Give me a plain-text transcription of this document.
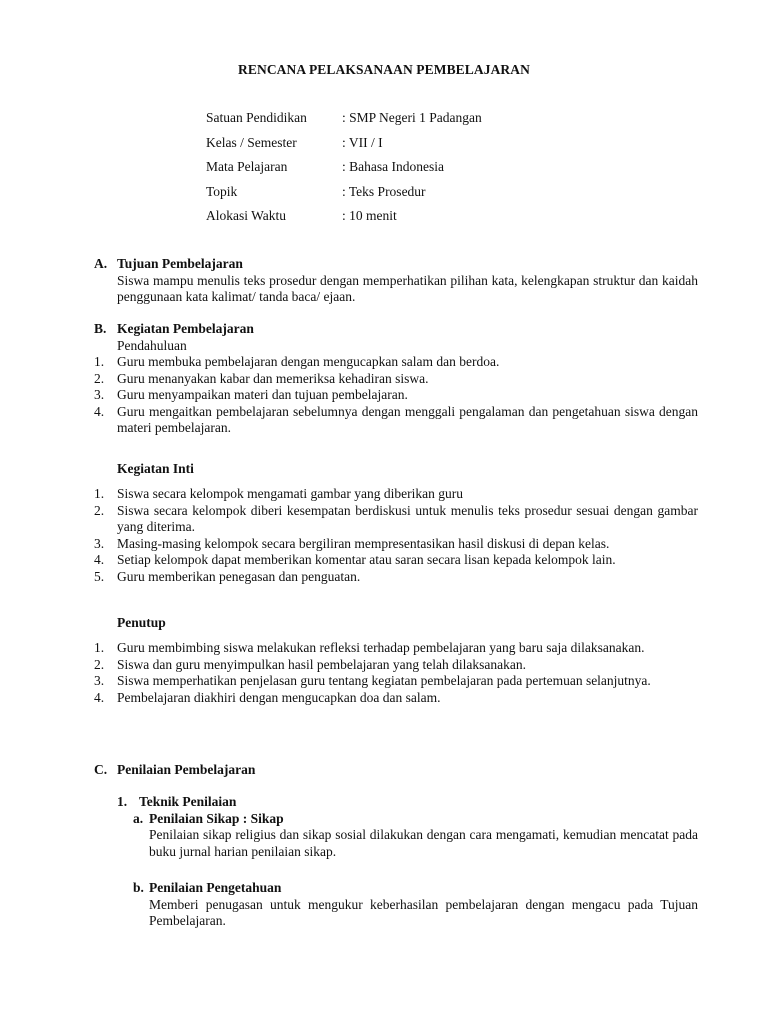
RENCANA PELAKSANAAN PEMBELAJARAN
Satuan Pendidikan	: SMP Negeri 1 Padangan
Kelas / Semester	: VII / I
Mata Pelajaran	: Bahasa Indonesia
Topik	: Teks Prosedur
Alokasi Waktu	: 10 menit
A. Tujuan Pembelajaran
Siswa mampu menulis teks prosedur dengan memperhatikan pilihan kata, kelengkapan struktur dan kaidah penggunaan kata kalimat/ tanda baca/ ejaan.
B. Kegiatan Pembelajaran
Pendahuluan
1. Guru membuka pembelajaran dengan mengucapkan salam dan berdoa.
2. Guru menanyakan kabar dan memeriksa kehadiran siswa.
3. Guru menyampaikan materi dan tujuan pembelajaran.
4. Guru mengaitkan pembelajaran sebelumnya dengan menggali pengalaman dan pengetahuan siswa dengan materi pembelajaran.
Kegiatan Inti
1. Siswa secara kelompok mengamati gambar yang diberikan guru
2. Siswa secara kelompok diberi kesempatan berdiskusi untuk menulis teks prosedur sesuai dengan gambar yang diterima.
3. Masing-masing kelompok secara bergiliran mempresentasikan hasil diskusi di depan kelas.
4. Setiap kelompok dapat memberikan komentar atau saran secara lisan kepada kelompok lain.
5. Guru memberikan penegasan dan penguatan.
Penutup
1. Guru membimbing siswa melakukan refleksi terhadap pembelajaran yang baru saja dilaksanakan.
2. Siswa dan guru menyimpulkan hasil pembelajaran yang telah dilaksanakan.
3. Siswa memperhatikan penjelasan guru tentang kegiatan pembelajaran pada pertemuan selanjutnya.
4. Pembelajaran diakhiri dengan mengucapkan doa dan salam.
C. Penilaian Pembelajaran
1. Teknik Penilaian
a. Penilaian Sikap : Sikap
Penilaian sikap religius dan sikap sosial dilakukan dengan cara mengamati, kemudian mencatat pada buku jurnal harian penilaian sikap.
b. Penilaian Pengetahuan
Memberi penugasan untuk mengukur keberhasilan pembelajaran dengan mengacu pada Tujuan Pembelajaran.
